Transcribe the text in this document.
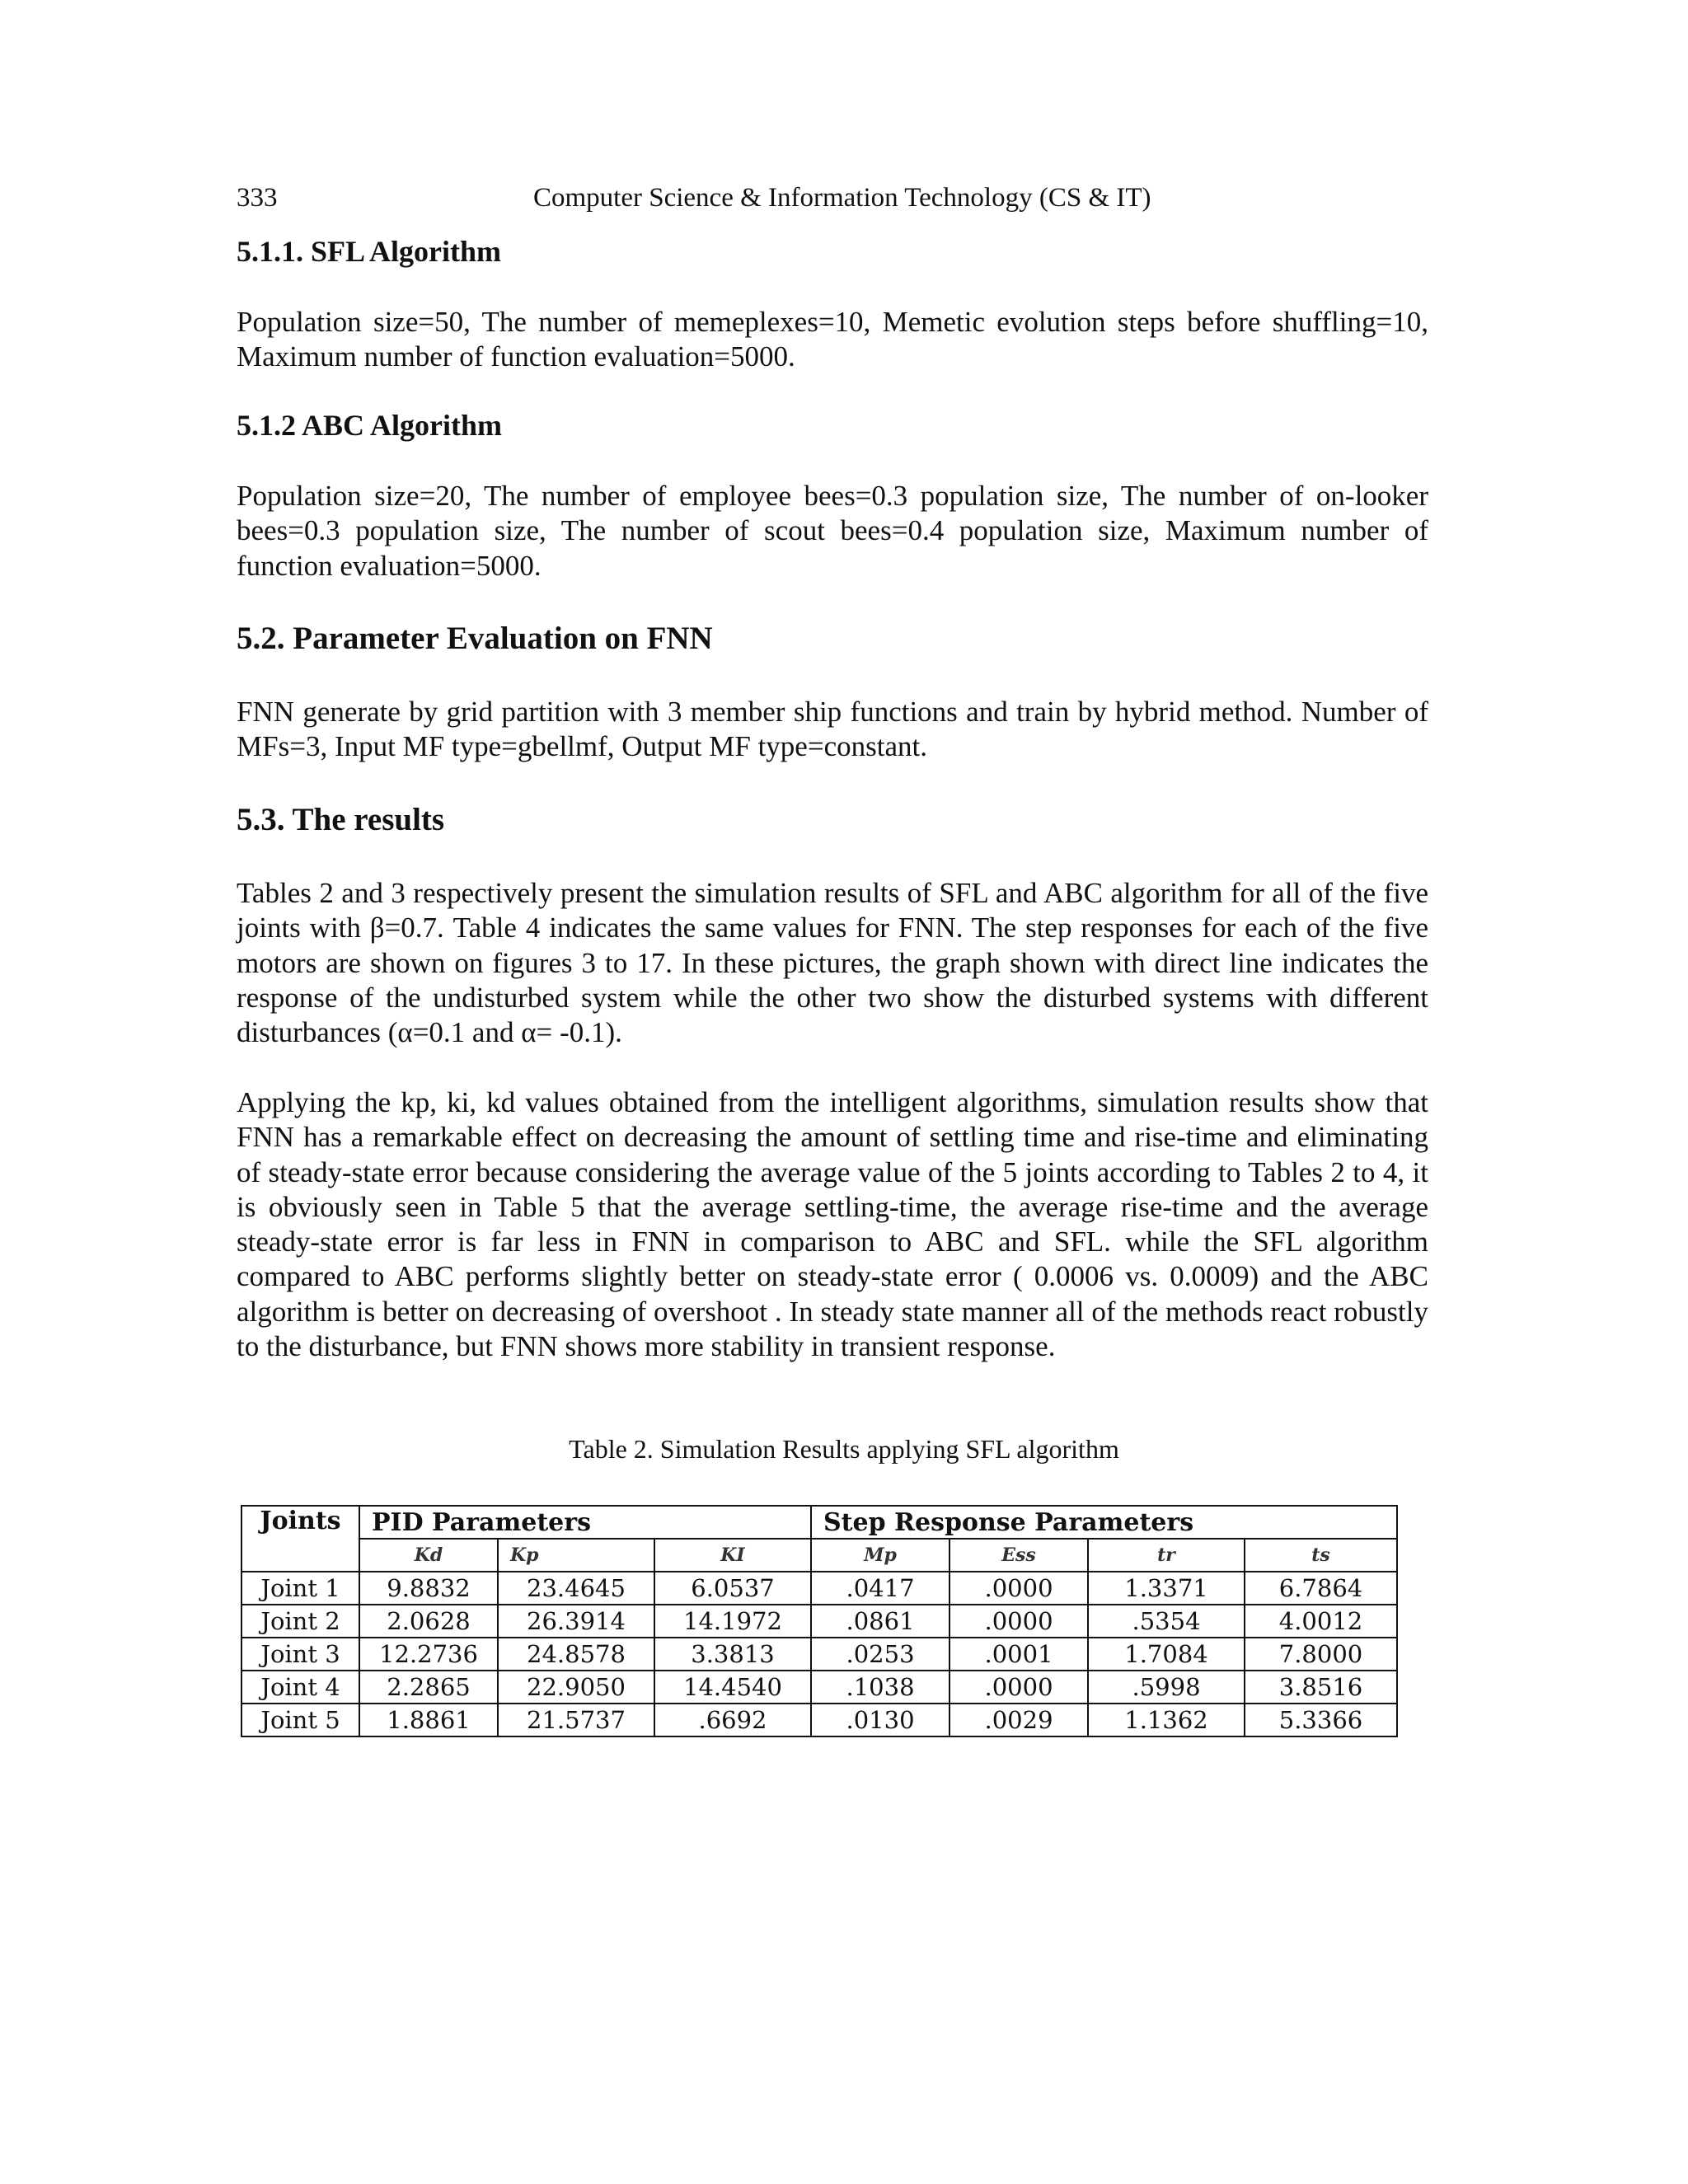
333	Computer Science & Information Technology (CS & IT)
5.1.1. SFL Algorithm

Population size=50, The number of memeplexes=10, Memetic evolution steps before shuffling=10, Maximum number of function evaluation=5000.

5.1.2 ABC Algorithm

Population size=20, The number of employee bees=0.3 population size, The number of on-looker bees=0.3 population size, The number of scout bees=0.4 population size, Maximum number of function evaluation=5000.

5.2. Parameter Evaluation on FNN

FNN generate by grid partition with 3 member ship functions and train by hybrid method. Number of MFs=3, Input MF type=gbellmf, Output MF type=constant.

5.3. The results

Tables 2 and 3 respectively present the simulation results of SFL and ABC algorithm for all of the five joints with β=0.7. Table 4 indicates the same values for FNN. The step responses for each of the five motors are shown on figures 3 to 17. In these pictures, the graph shown with direct line indicates the response of the undisturbed system while the other two show the disturbed systems with different disturbances (α=0.1 and α= -0.1).

Applying the kp, ki, kd values obtained from the intelligent algorithms, simulation results show that FNN has a remarkable effect on decreasing the amount of settling time and rise-time and eliminating of steady-state error because considering the average value of the 5 joints according to Tables 2 to 4, it is obviously seen in Table 5 that the average settling-time, the average rise-time and the average steady-state error is far less in FNN in comparison to ABC and SFL. while the SFL algorithm compared to ABC performs slightly better on steady-state error ( 0.0006 vs. 0.0009) and the ABC algorithm is better on decreasing of overshoot . In steady state manner all of the methods react robustly to the disturbance, but FNN shows more stability in transient response.

Table 2. Simulation Results applying SFL algorithm
Joints	PID Parameters			Step Response Parameters			
	Kd	Kp	KI	Mp	Ess	tr	ts
Joint 1	9.8832	23.4645	6.0537	.0417	.0000	1.3371	6.7864
Joint 2	2.0628	26.3914	14.1972	.0861	.0000	.5354	4.0012
Joint 3	12.2736	24.8578	3.3813	.0253	.0001	1.7084	7.8000
Joint 4	2.2865	22.9050	14.4540	.1038	.0000	.5998	3.8516
Joint 5	1.8861	21.5737	.6692	.0130	.0029	1.1362	5.3366
